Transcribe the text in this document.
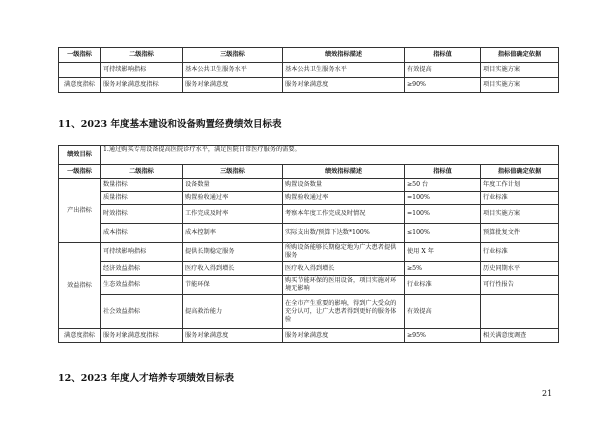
一级指标	二级指标	三级指标	绩效指标描述	指标值	指标值确定依据
	可持续影响指标	基本公共卫生服务水平	基本公共卫生服务水平	有效提高	项目实施方案
满意度指标	服务对象满意度指标	服务对象满意度	服务对象满意度	≥90%	项目实施方案
11、2023 年度基本建设和设备购置经费绩效目标表
绩效目标	1.通过购买专用设备提高医院诊疗水平，满足医院日常医疗服务的需要。				
一级指标	二级指标	三级指标	绩效指标描述	指标值	指标值确定依据
产出指标	数量指标	设备数量	购置设备数量	≥50 台	年度工作计划
	质量指标	购置验收通过率	购置验收通过率	=100%	行业标准
	时效指标	工作完成及时率	考察本年度工作完成及时情况	=100%	项目实施方案
	成本指标	成本控制率	实际支出数/预算下达数*100%	≤100%	预算批复文件
效益指标	可持续影响指标	提供长期稳定服务	所购设备能够长期稳定地为广大患者提供服务	使用 X 年	行业标准
	经济效益指标	医疗收入得到增长	医疗收入得到增长	≥5%	历史同期水平
	生态效益指标	节能环保	购买节能环保的医用设备，项目实施对环境无影响	行业标准	可行性报告
	社会效益指标	提高救治能力	在全市产生重要的影响，得到广大受众的充分认可，让广大患者得到更好的服务体验	有效提高	
满意度指标	服务对象满意度指标	服务对象满意度	服务对象满意度	≥95%	相关满意度调查
12、2023 年度人才培养专项绩效目标表
21
